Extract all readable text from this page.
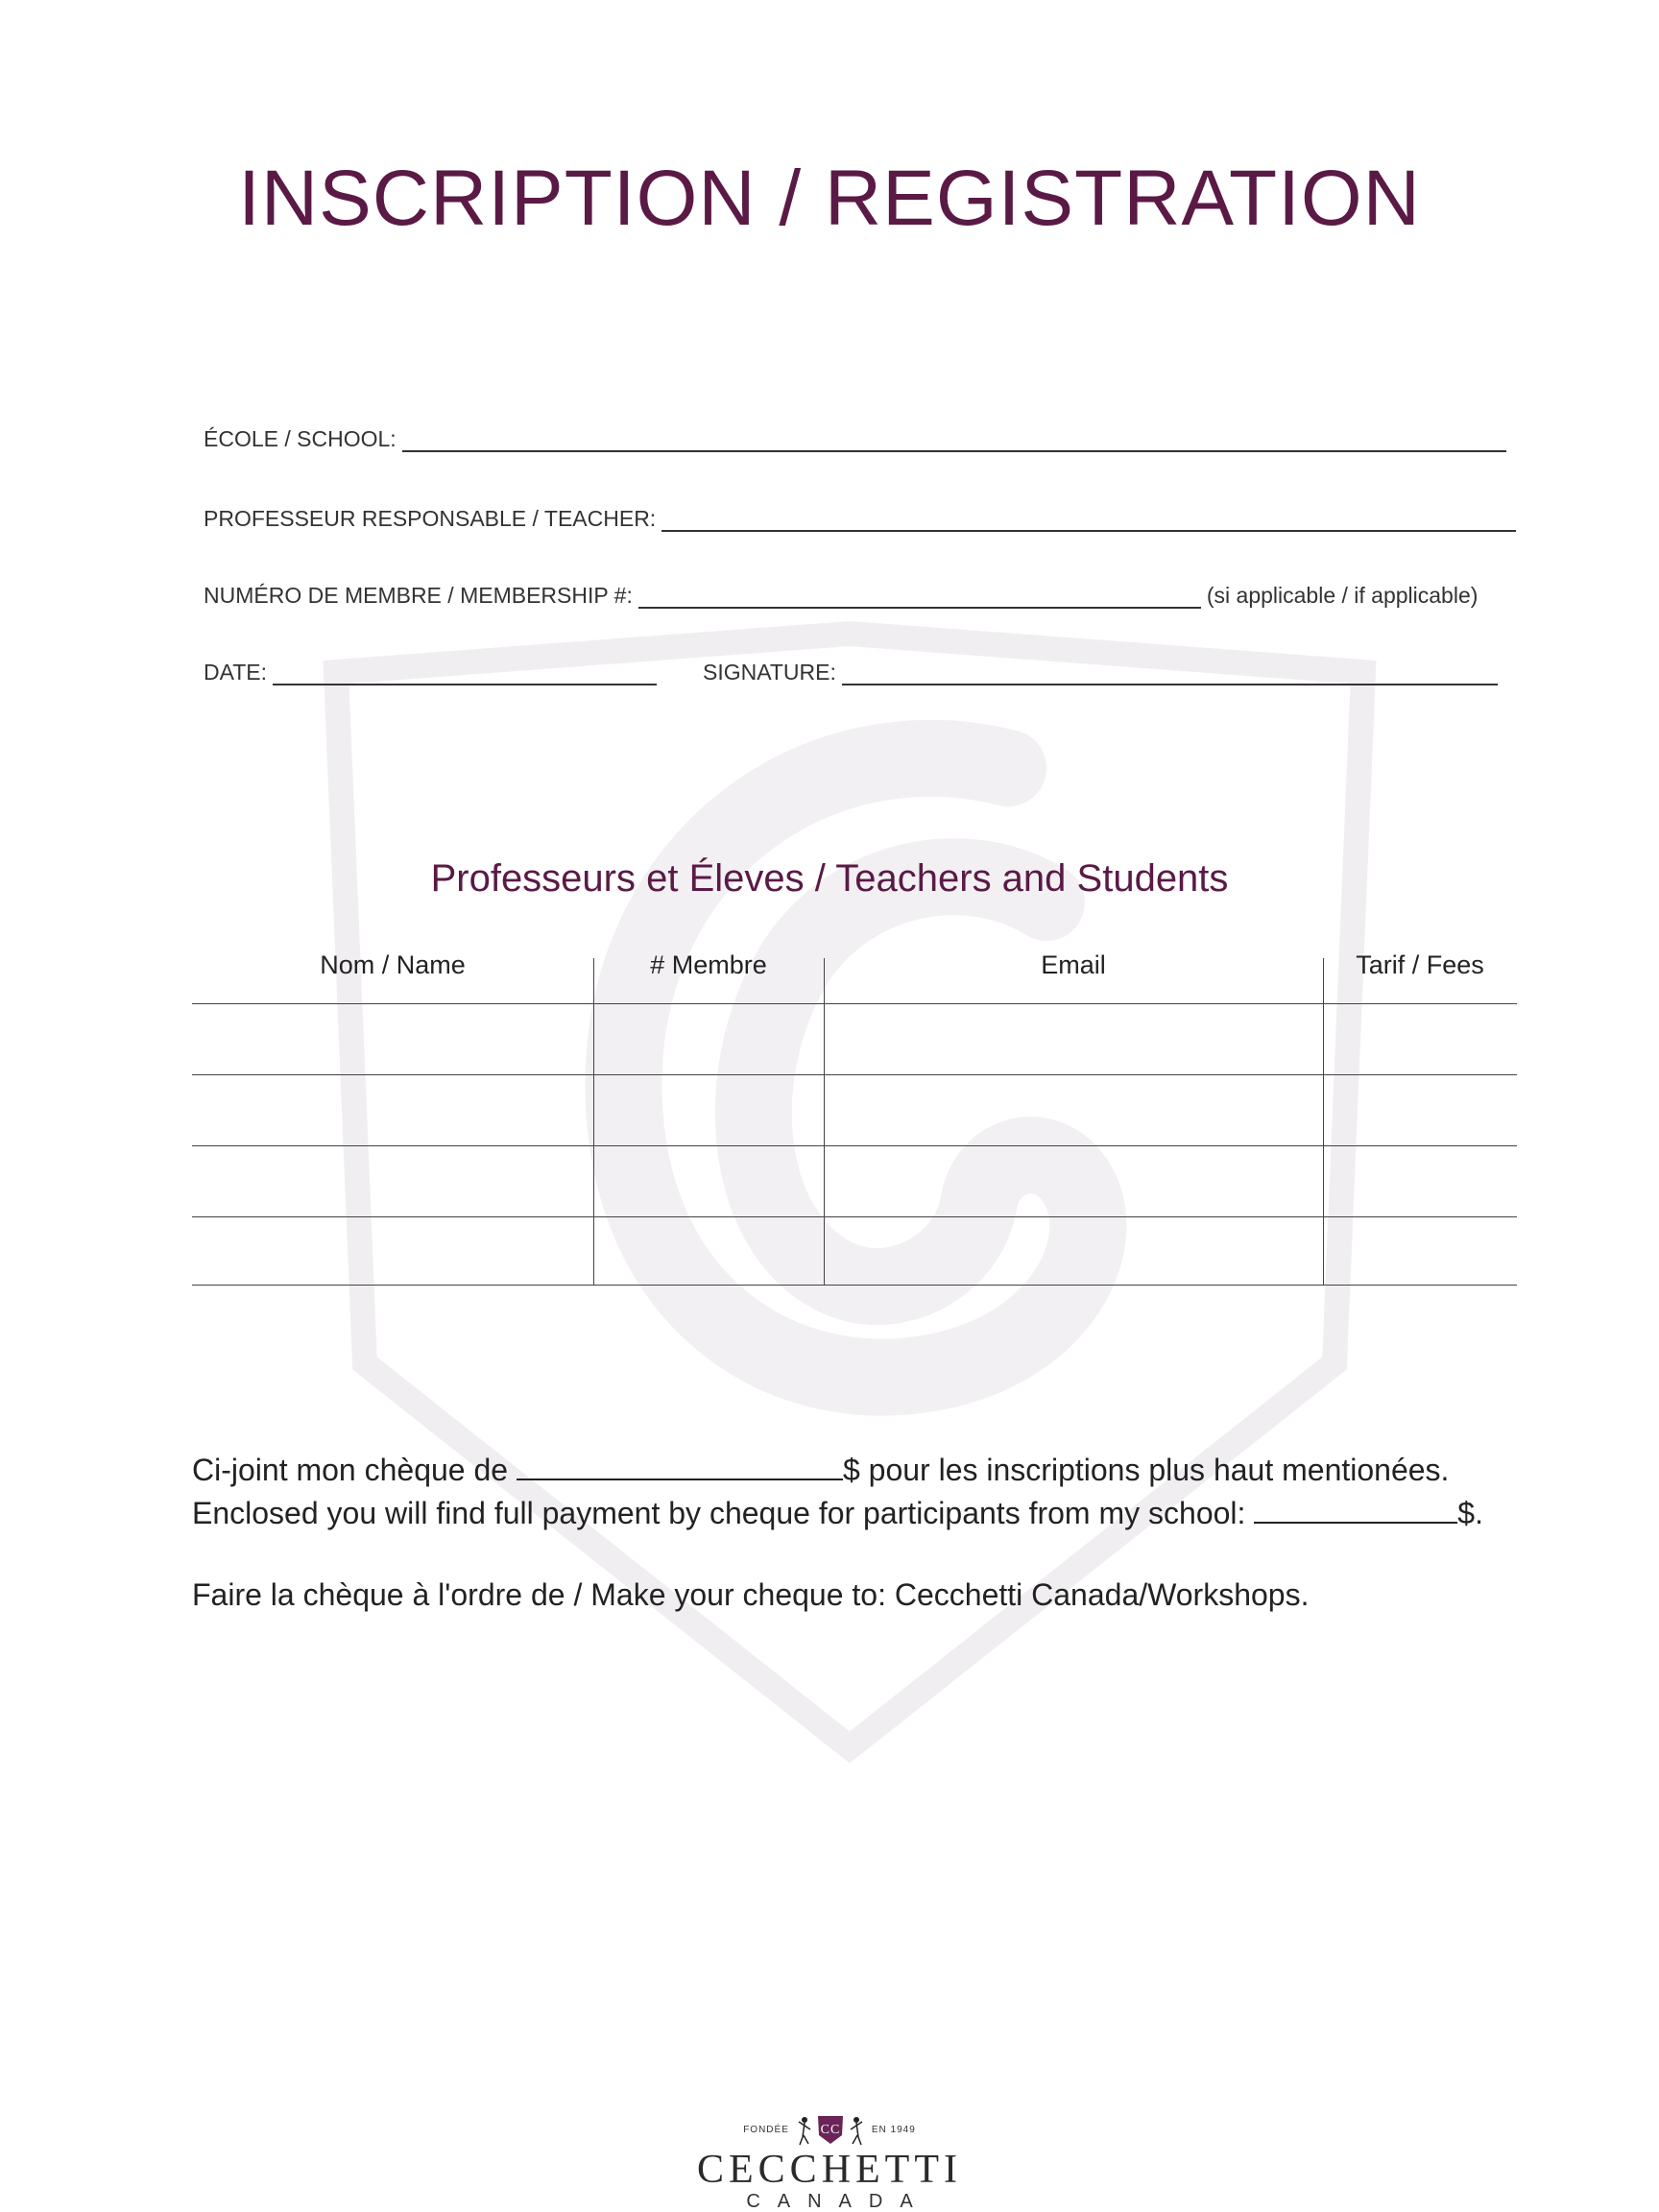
INSCRIPTION / REGISTRATION
ÉCOLE / SCHOOL:
PROFESSEUR RESPONSABLE / TEACHER:
NUMÉRO DE MEMBRE / MEMBERSHIP #:	(si applicable / if applicable)
DATE:	SIGNATURE:
Professeurs et Éleves / Teachers and Students
Nom / Name	# Membre	Email	Tarif / Fees
Ci-joint mon chèque de	$ pour les inscriptions plus haut mentionées.
Enclosed you will find full payment by cheque for participants from my school:	$.
Faire la chèque à l'ordre de / Make your cheque to: Cecchetti Canada/Workshops.
FONDÉE CC	EN 1949
CECCHETTI
CANADA
